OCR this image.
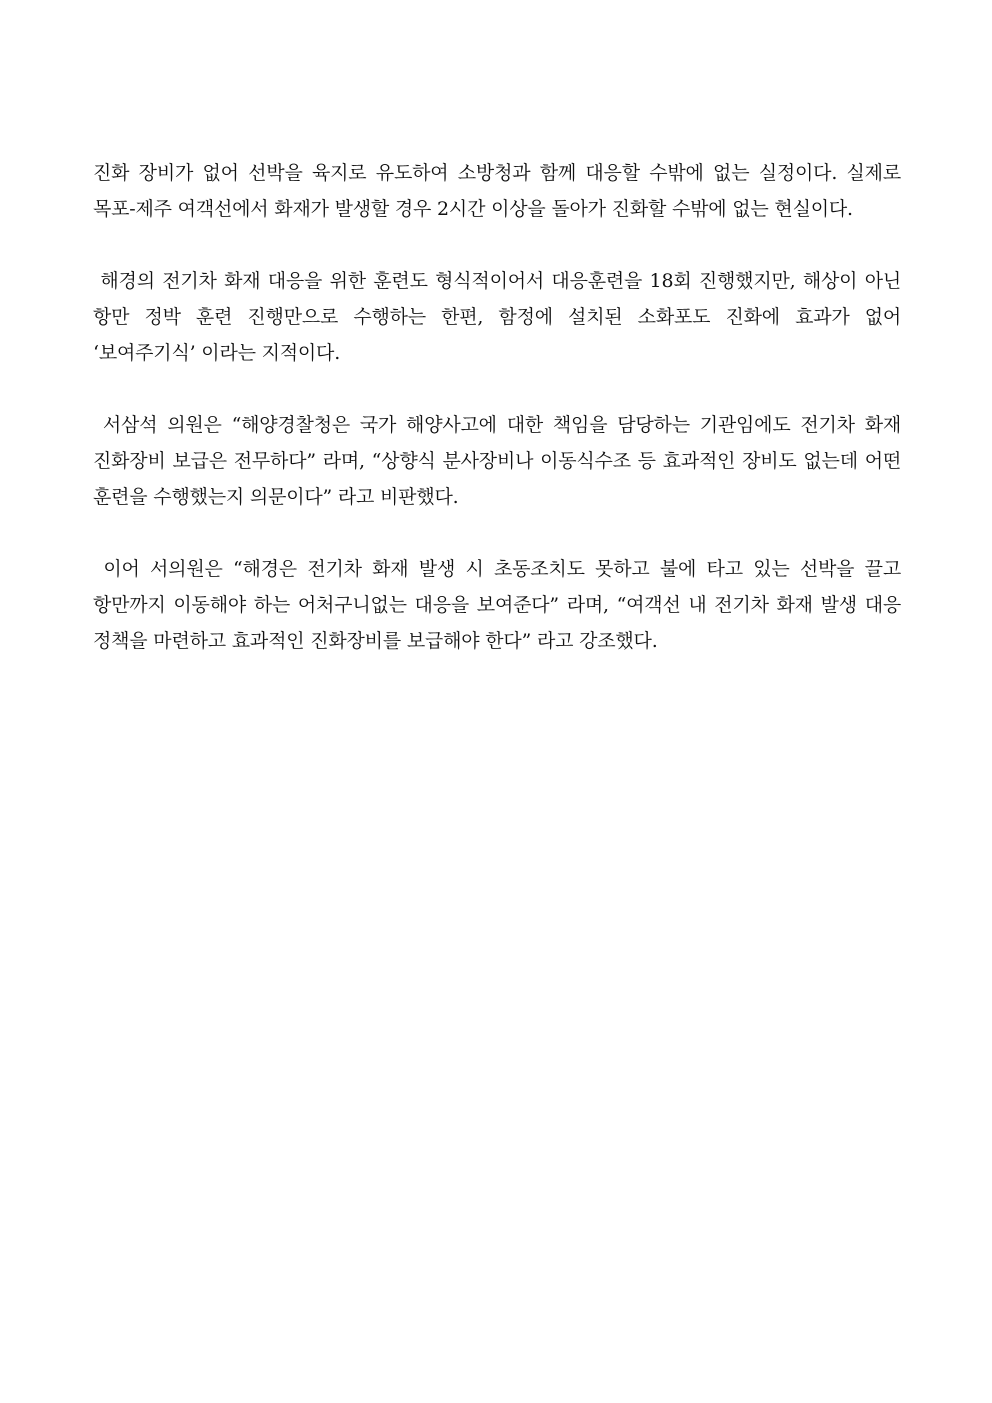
진화 장비가 없어 선박을 육지로 유도하여 소방청과 함께 대응할 수밖에 없는 실정이다. 실제로 목포-제주 여객선에서 화재가 발생할 경우 2시간 이상을 돌아가 진화할 수밖에 없는 현실이다.

해경의 전기차 화재 대응을 위한 훈련도 형식적이어서 대응훈련을 18회 진행했지만, 해상이 아닌 항만 정박 훈련 진행만으로 수행하는 한편, 함정에 설치된 소화포도 진화에 효과가 없어 ‘보여주기식’ 이라는 지적이다.

서삼석 의원은 “해양경찰청은 국가 해양사고에 대한 책임을 담당하는 기관임에도 전기차 화재 진화장비 보급은 전무하다” 라며, “상향식 분사장비나 이동식수조 등 효과적인 장비도 없는데 어떤 훈련을 수행했는지 의문이다” 라고 비판했다.

이어 서의원은 “해경은 전기차 화재 발생 시 초동조치도 못하고 불에 타고 있는 선박을 끌고 항만까지 이동해야 하는 어처구니없는 대응을 보여준다” 라며, “여객선 내 전기차 화재 발생 대응 정책을 마련하고 효과적인 진화장비를 보급해야 한다” 라고 강조했다.
